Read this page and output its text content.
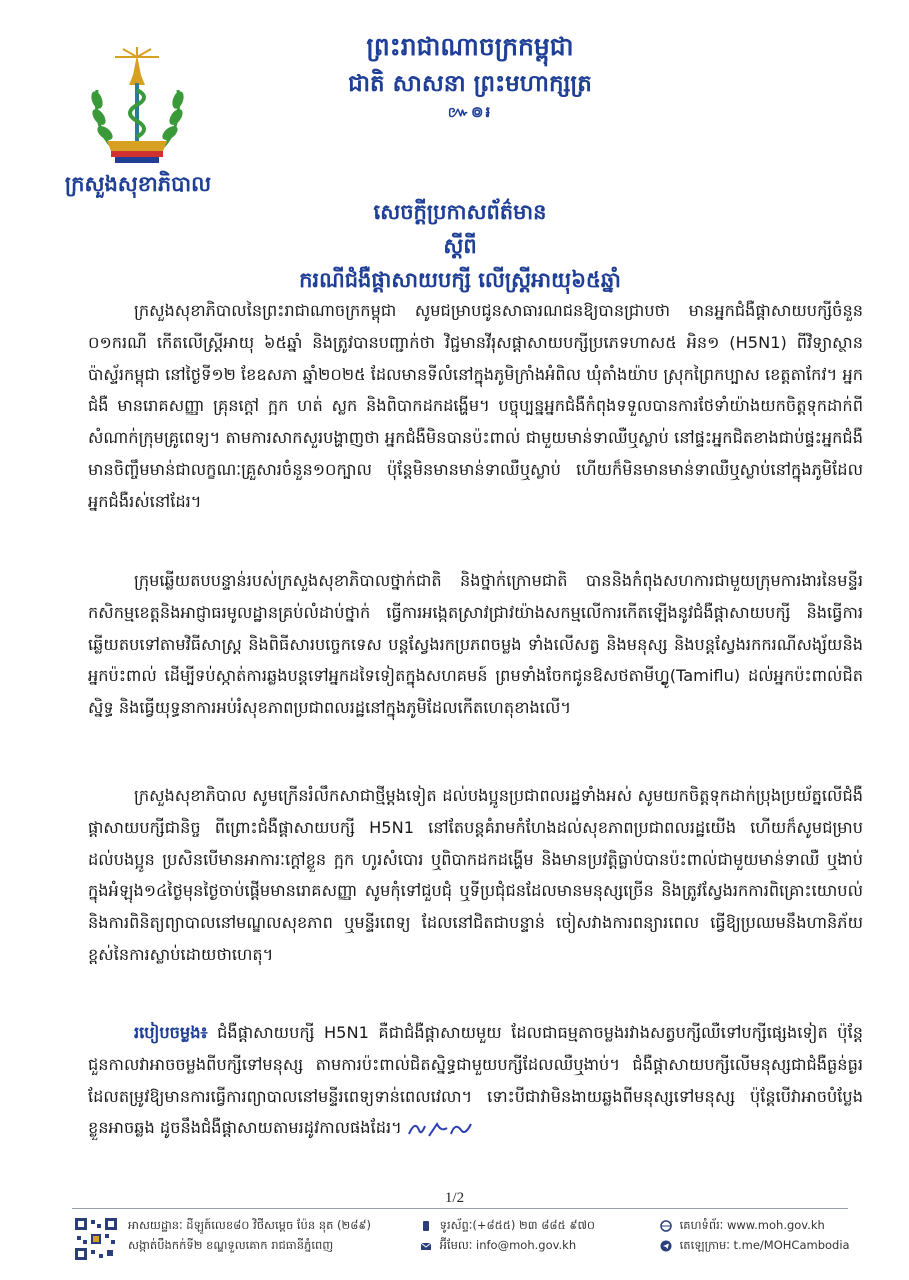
ព្រះរាជាណាចក្រកម្ពុជា
ជាតិ សាសនា ព្រះមហាក្សត្រ
៚៙៛
ក្រសួងសុខាភិបាល
សេចក្តីប្រកាសព័ត៌មាន
ស្តីពី
ករណីជំងឺផ្តាសាយបក្សី លើស្ត្រីអាយុ៦៥ឆ្នាំ

ក្រសួងសុខាភិបាលនៃព្រះរាជាណាចក្រកម្ពុជា សូមជម្រាបជូនសាធារណជនឱ្យបានជ្រាបថា មានអ្នកជំងឺផ្តាសាយបក្សីចំនួន ០១ករណី កើតលើស្ត្រីអាយុ ៦៥ឆ្នាំ និងត្រូវបានបញ្ជាក់ថា វិជ្ជមានវីរុសផ្តាសាយបក្សីប្រភេទហាស៥ អិន១ (H5N1) ពីវិទ្យាស្ថានប៉ាស្ទ័រកម្ពុជា នៅថ្ងៃទី១២ ខែឧសភា ឆ្នាំ២០២៥ ដែលមានទីលំនៅក្នុងភូមិក្រាំងអំពិល ឃុំតាំងយ៉ាប ស្រុកព្រៃកប្បាស ខេត្តតាកែវ។ អ្នកជំងឺ មានរោគសញ្ញា គ្រុនក្តៅ ក្អក ហត់ ស្លក និងពិបាកដកដង្ហើម។ បច្ចុប្បន្នអ្នកជំងឺកំពុងទទួលបានការថែទាំយ៉ាងយកចិត្តទុកដាក់ពីសំណាក់ក្រុមគ្រូពេទ្យ។ តាមការសាកសួរបង្ហាញថា អ្នកជំងឺមិនបានប៉ះពាល់ ជាមួយមាន់ទាឈឺឬស្លាប់ នៅផ្ទះអ្នកជិតខាងជាប់ផ្ទះអ្នកជំងឺមានចិញ្ចឹមមាន់ជាលក្ខណៈគ្រួសារចំនួន១០ក្បាល ប៉ុន្តែមិនមានមាន់ទាឈឺឬស្លាប់ ហើយក៏មិនមានមាន់ទាឈឺឬស្លាប់នៅក្នុងភូមិដែលអ្នកជំងឺរស់នៅដែរ។

ក្រុមឆ្លើយតបបន្ទាន់របស់ក្រសួងសុខាភិបាលថ្នាក់ជាតិ និងថ្នាក់ក្រោមជាតិ បាននិងកំពុងសហការជាមួយក្រុមការងារនៃមន្ទីរកសិកម្មខេត្តនិងអាជ្ញាធរមូលដ្ឋានគ្រប់លំដាប់ថ្នាក់ ធ្វើការអង្កេតស្រាវជ្រាវយ៉ាងសកម្មលើការកើតឡើងនូវជំងឺផ្តាសាយបក្សី និងធ្វើការឆ្លើយតបទៅតាមវិធីសាស្ត្រ និងពិធីសារបច្ចេកទេស បន្តស្វែងរកប្រភពចម្លង ទាំងលើសត្វ និងមនុស្ស និងបន្តស្វែងរកករណីសង្ស័យនិងអ្នកប៉ះពាល់ ដើម្បីទប់ស្កាត់ការឆ្លងបន្តទៅអ្នកដទៃទៀតក្នុងសហគមន៍ ព្រមទាំងចែកជូនឱសថតាមីហ្វ្លូ(Tamiflu) ដល់អ្នកប៉ះពាល់ជិតស្និទ្ធ និងធ្វើយុទ្ធនាការអប់រំសុខភាពប្រជាពលរដ្ឋនៅក្នុងភូមិដែលកើតហេតុខាងលើ។

ក្រសួងសុខាភិបាល សូមក្រើនរំលឹកសាជាថ្មីម្តងទៀត ដល់បងប្អូនប្រជាពលរដ្ឋទាំងអស់ សូមយកចិត្តទុកដាក់ប្រុងប្រយ័ត្នលើជំងឺផ្តាសាយបក្សីជានិច្ច ពីព្រោះជំងឺផ្តាសាយបក្សី H5N1 នៅតែបន្តគំរាមកំហែងដល់សុខភាពប្រជាពលរដ្ឋយើង ហើយក៏សូមជម្រាបដល់បងប្អូន ប្រសិនបើមានអាការៈក្តៅខ្លួន ក្អក ហូរសំបោរ ឬពិបាកដកដង្ហើម និងមានប្រវត្តិធ្លាប់បានប៉ះពាល់ជាមួយមាន់ទាឈឺ ឬងាប់ក្នុងអំឡុង១៤ថ្ងៃមុនថ្ងៃចាប់ផ្តើមមានរោគសញ្ញា សូមកុំទៅជួបជុំ ឬទីប្រជុំជនដែលមានមនុស្សច្រើន និងត្រូវស្វែងរកការពិគ្រោះយោបល់ និងការពិនិត្យព្យាបាលនៅមណ្ឌលសុខភាព ឬមន្ទីរពេទ្យ ដែលនៅជិតជាបន្ទាន់ ចៀសវាងការពន្យារពេល ធ្វើឱ្យប្រឈមនឹងហានិភ័យខ្ពស់នៃការស្លាប់ដោយថាហេតុ។

របៀបចម្លង៖ ជំងឺផ្តាសាយបក្សី H5N1 គឺជាជំងឺផ្តាសាយមួយ ដែលជាធម្មតាចម្លងរវាងសត្វបក្សីឈឺទៅបក្សីផ្សេងទៀត ប៉ុន្តែជួនកាលវាអាចចម្លងពីបក្សីទៅមនុស្ស តាមការប៉ះពាល់ជិតស្និទ្ធជាមួយបក្សីដែលឈឺឬងាប់។ ជំងឺផ្តាសាយបក្សីលើមនុស្សជាជំងឺធ្ងន់ធ្ងរ ដែលតម្រូវឱ្យមានការធ្វើការព្យាបាលនៅមន្ទីរពេទ្យទាន់ពេលវេលា។ ទោះបីជាវាមិនងាយឆ្លងពីមនុស្សទៅមនុស្ស ប៉ុន្តែបើវាអាចបំប្លែងខ្លួនអាចឆ្លង ដូចនឹងជំងឺផ្តាសាយតាមរដូវកាលផងដែរ។

1/2
អាសយដ្ឋានៈ ដីឡូត៍លេខ៨០ វិថីសម្តេច ប៉ែន នុត (២៨៩)
សង្កាត់បឹងកក់ទី២ ខណ្ឌទួលគោក រាជធានីភ្នំពេញ
ទូរស័ព្ទៈ(+៨៥៥) ២៣ ៨៨៥ ៩៧០
អ៊ីមែលៈ info@moh.gov.kh
គេហទំព័រៈ www.moh.gov.kh
តេឡេក្រាមៈ t.me/MOHCambodia
